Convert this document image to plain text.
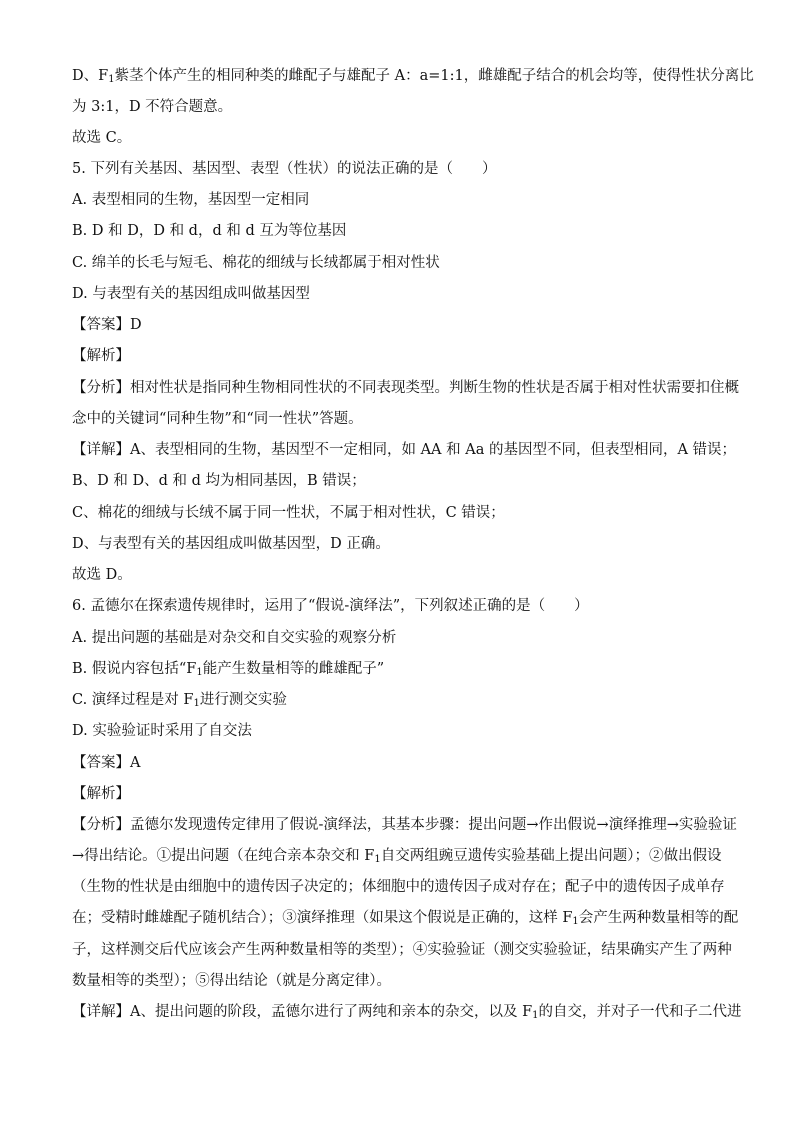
D、$F_1$紫茎个体产生的相同种类的雌配子与雄配子 A：a=1:1，雌雄配子结合的机会均等，使得性状分离比
为 3:1，D 不符合题意。
故选 C。
5. 下列有关基因、基因型、表型（性状）的说法正确的是（　　）
A. 表型相同的生物，基因型一定相同
B. D 和 D，D 和 d，d 和 d 互为等位基因
C. 绵羊的长毛与短毛、棉花的细绒与长绒都属于相对性状
D. 与表型有关的基因组成叫做基因型
【答案】D
【解析】
【分析】相对性状是指同种生物相同性状的不同表现类型。判断生物的性状是否属于相对性状需要扣住概
念中的关键词“同种生物”和“同一性状”答题。
【详解】A、表型相同的生物，基因型不一定相同，如 AA 和 Aa 的基因型不同，但表型相同，A 错误；
B、D 和 D、d 和 d 均为相同基因，B 错误；
C、棉花的细绒与长绒不属于同一性状，不属于相对性状，C 错误；
D、与表型有关的基因组成叫做基因型，D 正确。
故选 D。
6. 孟德尔在探索遗传规律时，运用了“假说-演绎法”，下列叙述正确的是（　　）
A. 提出问题的基础是对杂交和自交实验的观察分析
B. 假说内容包括“$F_1$能产生数量相等的雌雄配子”
C. 演绎过程是对 $F_1$进行测交实验
D. 实验验证时采用了自交法
【答案】A
【解析】
【分析】孟德尔发现遗传定律用了假说-演绎法，其基本步骤：提出问题→作出假说→演绎推理→实验验证
→得出结论。①提出问题（在纯合亲本杂交和 $F_1$自交两组豌豆遗传实验基础上提出问题）；②做出假设
（生物的性状是由细胞中的遗传因子决定的；体细胞中的遗传因子成对存在；配子中的遗传因子成单存
在；受精时雌雄配子随机结合）；③演绎推理（如果这个假说是正确的，这样 $F_1$会产生两种数量相等的配
子，这样测交后代应该会产生两种数量相等的类型）；④实验验证（测交实验验证，结果确实产生了两种
数量相等的类型）；⑤得出结论（就是分离定律）。
【详解】A、提出问题的阶段，孟德尔进行了两纯和亲本的杂交，以及 $F_1$的自交，并对子一代和子二代进
